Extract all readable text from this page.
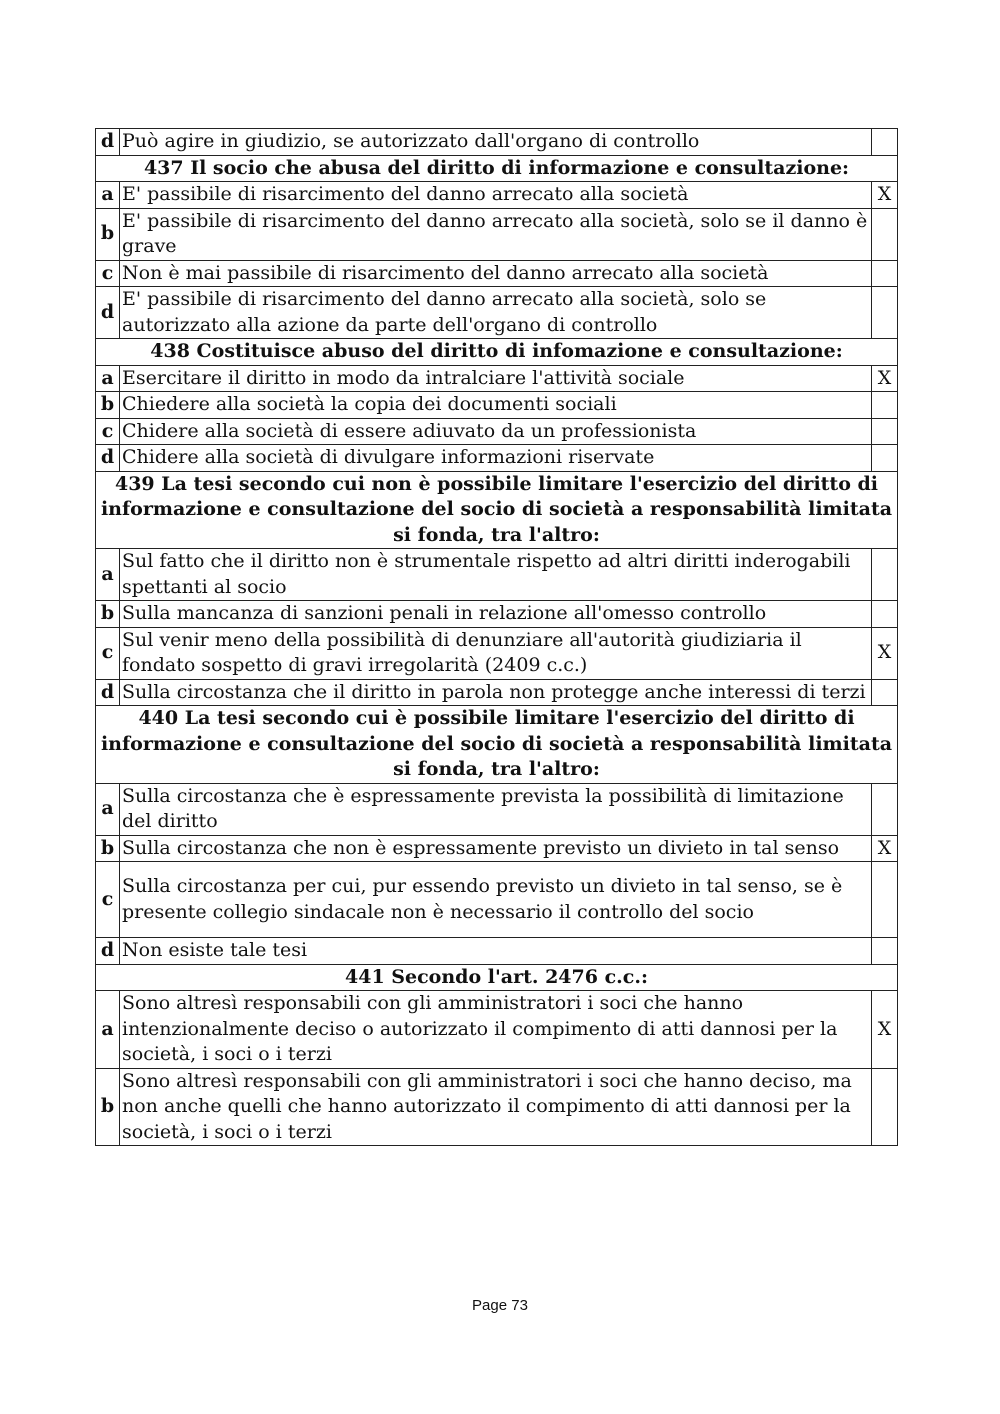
d	Può agire in giudizio, se autorizzato dall'organo di controllo	
437 Il socio che abusa del diritto di informazione e consultazione:		
a	E' passibile di risarcimento del danno arrecato alla società	X
b	E' passibile di risarcimento del danno arrecato alla società, solo se il danno è grave	
c	Non è mai passibile di risarcimento del danno arrecato alla società	
d	E' passibile di risarcimento del danno arrecato alla società, solo se autorizzato alla azione da parte dell'organo di controllo	
438 Costituisce abuso del diritto di infomazione e consultazione:		
a	Esercitare il diritto in modo da intralciare l'attività sociale	X
b	Chiedere alla società la copia dei documenti sociali	
c	Chidere alla società di essere adiuvato da un professionista	
d	Chidere alla società di divulgare informazioni riservate	
439 La tesi secondo cui non è possibile limitare l'esercizio del diritto di informazione e consultazione del socio di società a responsabilità limitata si fonda, tra l'altro:		
a	Sul fatto che il diritto non è strumentale rispetto ad altri diritti inderogabili spettanti al socio	
b	Sulla mancanza di sanzioni penali in relazione all'omesso controllo	
c	Sul venir meno della possibilità di denunziare all'autorità giudiziaria il fondato sospetto di gravi irregolarità (2409 c.c.)	X
d	Sulla circostanza che il diritto in parola non protegge anche interessi di terzi	
440 La tesi secondo cui è possibile limitare l'esercizio del diritto di informazione e consultazione del socio di società a responsabilità limitata si fonda, tra l'altro:		
a	Sulla circostanza che è espressamente prevista la possibilità di limitazione del diritto	
b	Sulla circostanza che non è espressamente previsto un divieto in tal senso	X
c	Sulla circostanza per cui, pur essendo previsto un divieto in tal senso, se è presente collegio sindacale non è necessario il controllo del socio	
d	Non esiste tale tesi	
441 Secondo l'art. 2476 c.c.:		
a	Sono altresì responsabili con gli amministratori i soci che hanno intenzionalmente deciso o autorizzato il compimento di atti dannosi per la società, i soci o i terzi	X
b	Sono altresì responsabili con gli amministratori i soci che hanno deciso, ma non anche quelli che hanno autorizzato il compimento di atti dannosi per la società, i soci o i terzi	
Page 73
